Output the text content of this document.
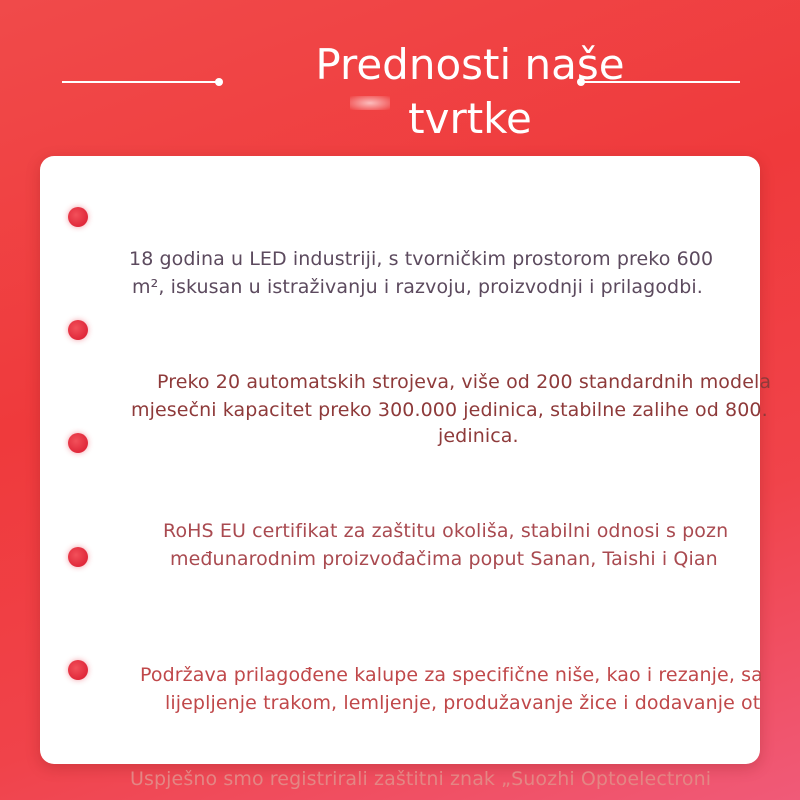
Prednosti naše
tvrtke
18 godina u LED industriji, s tvorničkim prostorom preko 600
m², iskusan u istraživanju i razvoju, proizvodnji i prilagodbi.
Preko 20 automatskih strojeva, više od 200 standardnih modela
mjesečni kapacitet preko 300.000 jedinica, stabilne zalihe od 800.
jedinica.
RoHS EU certifikat za zaštitu okoliša, stabilni odnosi s pozn
međunarodnim proizvođačima poput Sanan, Taishi i Qian
Podržava prilagođene kalupe za specifične niše, kao i rezanje, sa
lijepljenje trakom, lemljenje, produžavanje žice i dodavanje ot
Uspješno smo registrirali zaštitni znak „Suozhi Optoelectroni
